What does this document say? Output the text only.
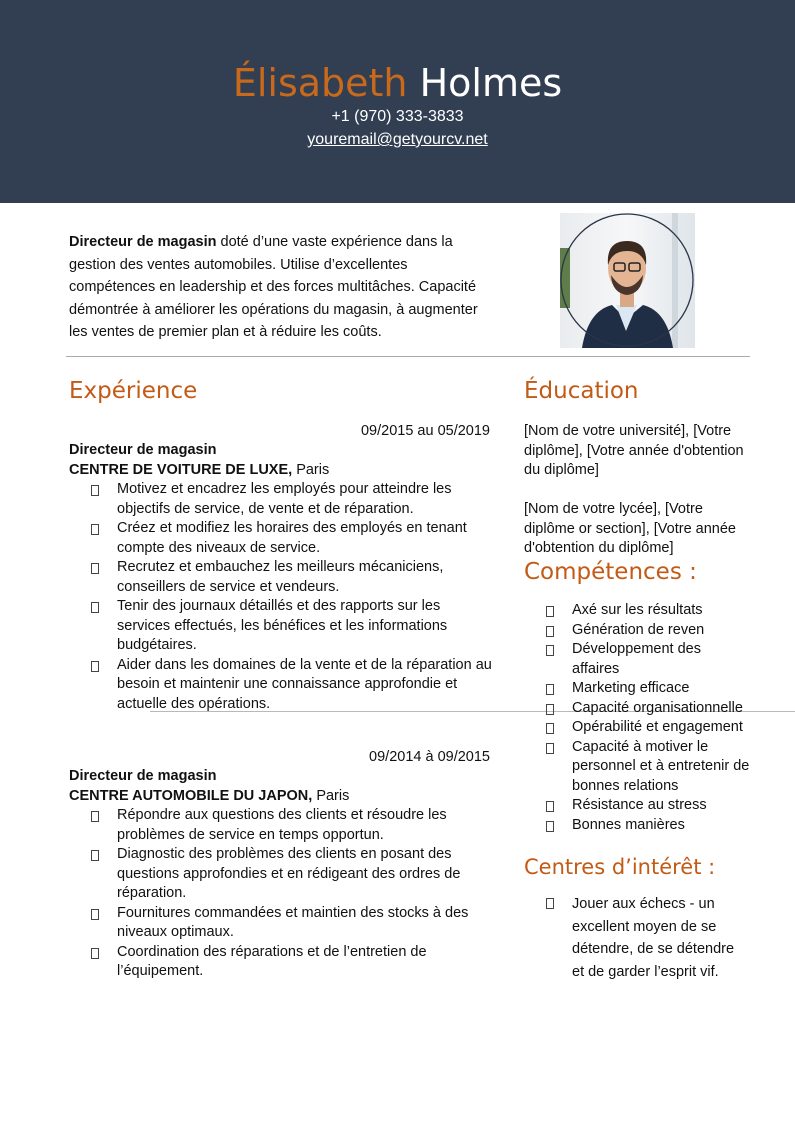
Élisabeth Holmes
+1 (970) 333-3833
youremail@getyourcv.net
Directeur de magasin doté d’une vaste expérience dans la gestion des ventes automobiles. Utilise d’excellentes compétences en leadership et des forces multitâches. Capacité démontrée à améliorer les opérations du magasin, à augmenter les ventes de premier plan et à réduire les coûts.
Expérience
09/2015 au 05/2019
Directeur de magasin
CENTRE DE VOITURE DE LUXE, Paris
Motivez et encadrez les employés pour atteindre les objectifs de service, de vente et de réparation.
Créez et modifiez les horaires des employés en tenant compte des niveaux de service.
Recrutez et embauchez les meilleurs mécaniciens, conseillers de service et vendeurs.
Tenir des journaux détaillés et des rapports sur les services effectués, les bénéfices et les informations budgétaires.
Aider dans les domaines de la vente et de la réparation au besoin et maintenir une connaissance approfondie et actuelle des opérations.
09/2014 à 09/2015
Directeur de magasin
CENTRE AUTOMOBILE DU JAPON, Paris
Répondre aux questions des clients et résoudre les problèmes de service en temps opportun.
Diagnostic des problèmes des clients en posant des questions approfondies et en rédigeant des ordres de réparation.
Fournitures commandées et maintien des stocks à des niveaux optimaux.
Coordination des réparations et de l’entretien de l’équipement.
Éducation
[Nom de votre université], [Votre diplôme], [Votre année d'obtention du diplôme]
[Nom de votre lycée], [Votre diplôme or section], [Votre année d'obtention du diplôme]
Compétences :
Axé sur les résultats
Génération de reven
Développement des affaires
Marketing efficace
Capacité organisationnelle
Opérabilité et engagement
Capacité à motiver le personnel et à entretenir de bonnes relations
Résistance au stress
Bonnes manières
Centres d’intérêt :
Jouer aux échecs - un excellent moyen de se détendre, de se détendre et de garder l’esprit vif.
